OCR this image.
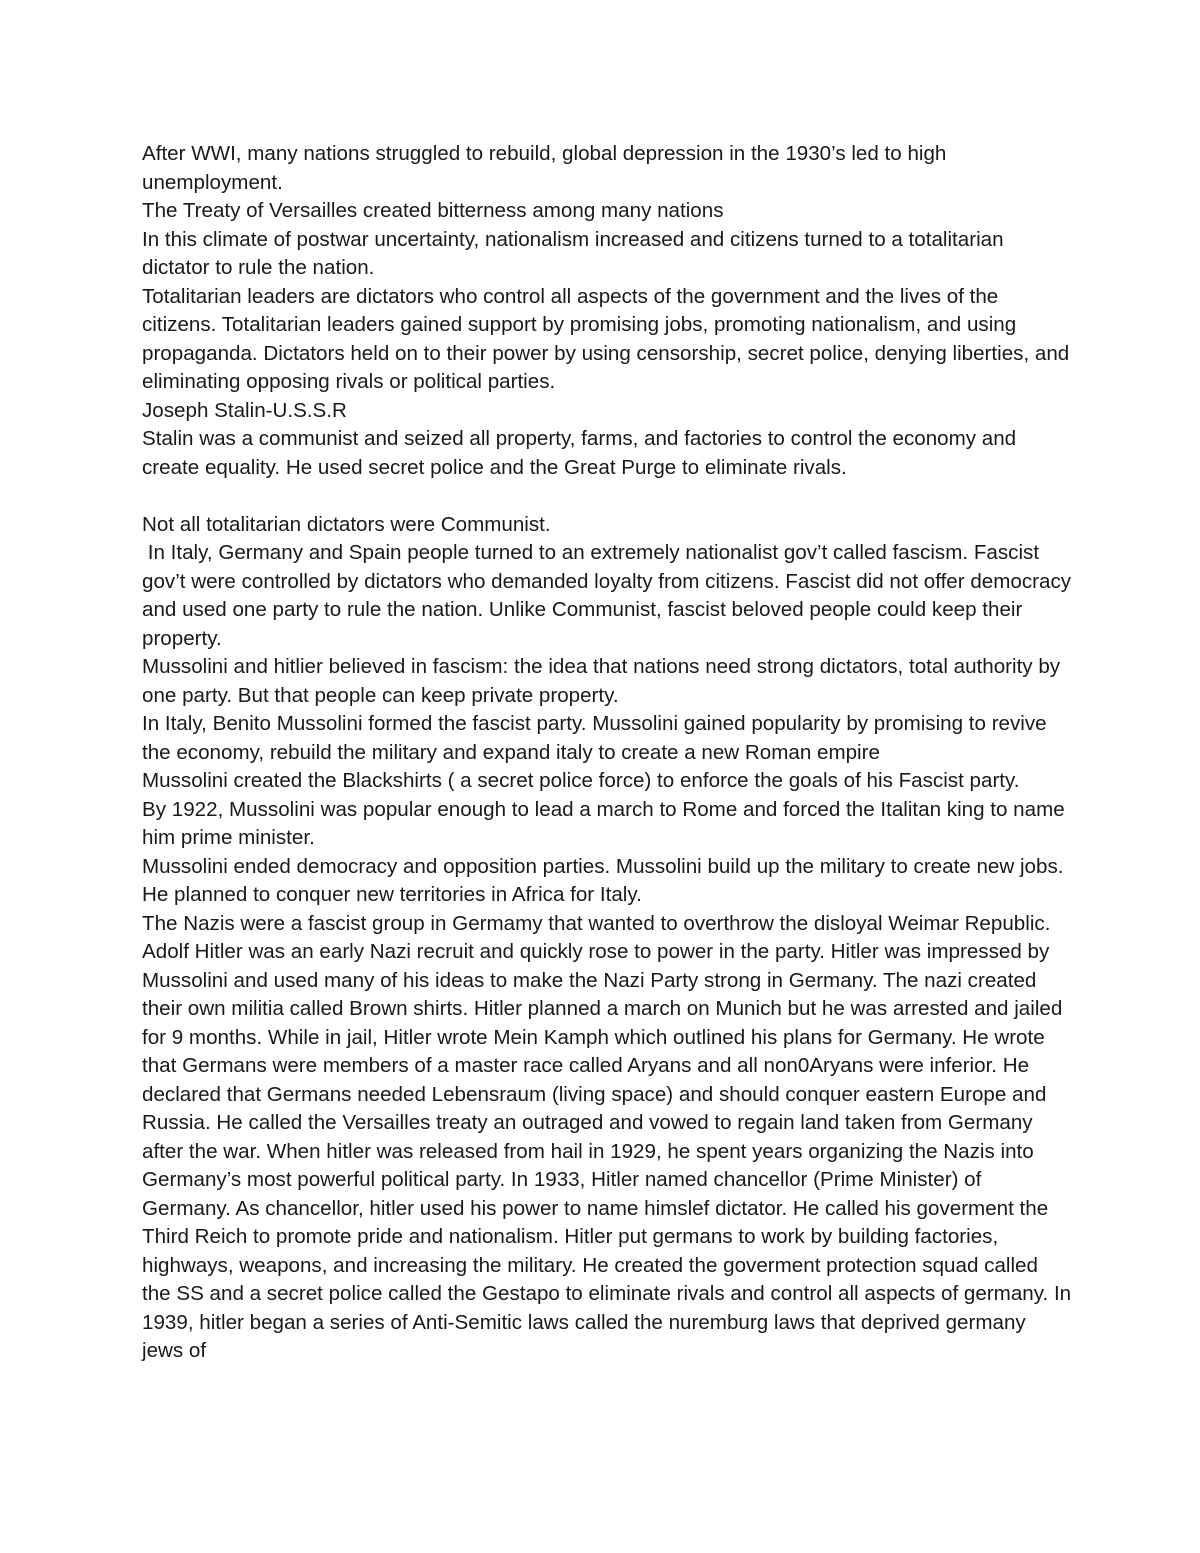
After WWI, many nations struggled to rebuild, global depression in the 1930’s led to high unemployment.

The Treaty of Versailles created bitterness among many nations

In this climate of postwar uncertainty, nationalism increased and citizens turned to a totalitarian dictator to rule the nation.

Totalitarian leaders are dictators who control all aspects of the government and the lives of the citizens. Totalitarian leaders gained support by promising jobs, promoting nationalism, and using propaganda. Dictators held on to their power by using censorship, secret police, denying liberties, and eliminating opposing rivals or political parties.

Joseph Stalin-U.S.S.R

Stalin was a communist and seized all property, farms, and factories to control the economy and create equality. He used secret police and the Great Purge to eliminate rivals.

Not all totalitarian dictators were Communist.

In Italy, Germany and Spain people turned to an extremely nationalist gov’t called fascism. Fascist gov’t were controlled by dictators who demanded loyalty from citizens. Fascist did not offer democracy and used one party to rule the nation. Unlike Communist, fascist beloved people could keep their property.

Mussolini and hitlier believed in fascism: the idea that nations need strong dictators, total authority by one party. But that people can keep private property.

In Italy, Benito Mussolini formed the fascist party. Mussolini gained popularity by promising to revive the economy, rebuild the military and expand italy to create a new Roman empire

Mussolini created the Blackshirts ( a secret police force) to enforce the goals of his Fascist party.

By 1922, Mussolini was popular enough to lead a march to Rome and forced the Italitan king to name him prime minister.

Mussolini ended democracy and opposition parties. Mussolini build up the military to create new jobs. He planned to conquer new territories in Africa for Italy.

The Nazis were a fascist group in Germamy that wanted to overthrow the disloyal Weimar Republic. Adolf Hitler was an early Nazi recruit and quickly rose to power in the party. Hitler was impressed by Mussolini and used many of his ideas to make the Nazi Party strong in Germany. The nazi created their own militia called Brown shirts. Hitler planned a march on Munich but he was arrested and jailed for 9 months. While in jail, Hitler wrote Mein Kamph which outlined his plans for Germany. He wrote that Germans were members of a master race called Aryans and all non0Aryans were inferior. He declared that Germans needed Lebensraum (living space) and should conquer eastern Europe and Russia. He called the Versailles treaty an outraged and vowed to regain land taken from Germany after the war. When hitler was released from hail in 1929, he spent years organizing the Nazis into Germany’s most powerful political party. In 1933, Hitler named chancellor (Prime Minister) of Germany. As chancellor, hitler used his power to name himslef dictator. He called his goverment the Third Reich to promote pride and nationalism. Hitler put germans to work by building factories, highways, weapons, and increasing the military. He created the goverment protection squad called the SS and a secret police called the Gestapo to eliminate rivals and control all aspects of germany. In 1939, hitler began a series of Anti-Semitic laws called the nuremburg laws that deprived germany jews of
